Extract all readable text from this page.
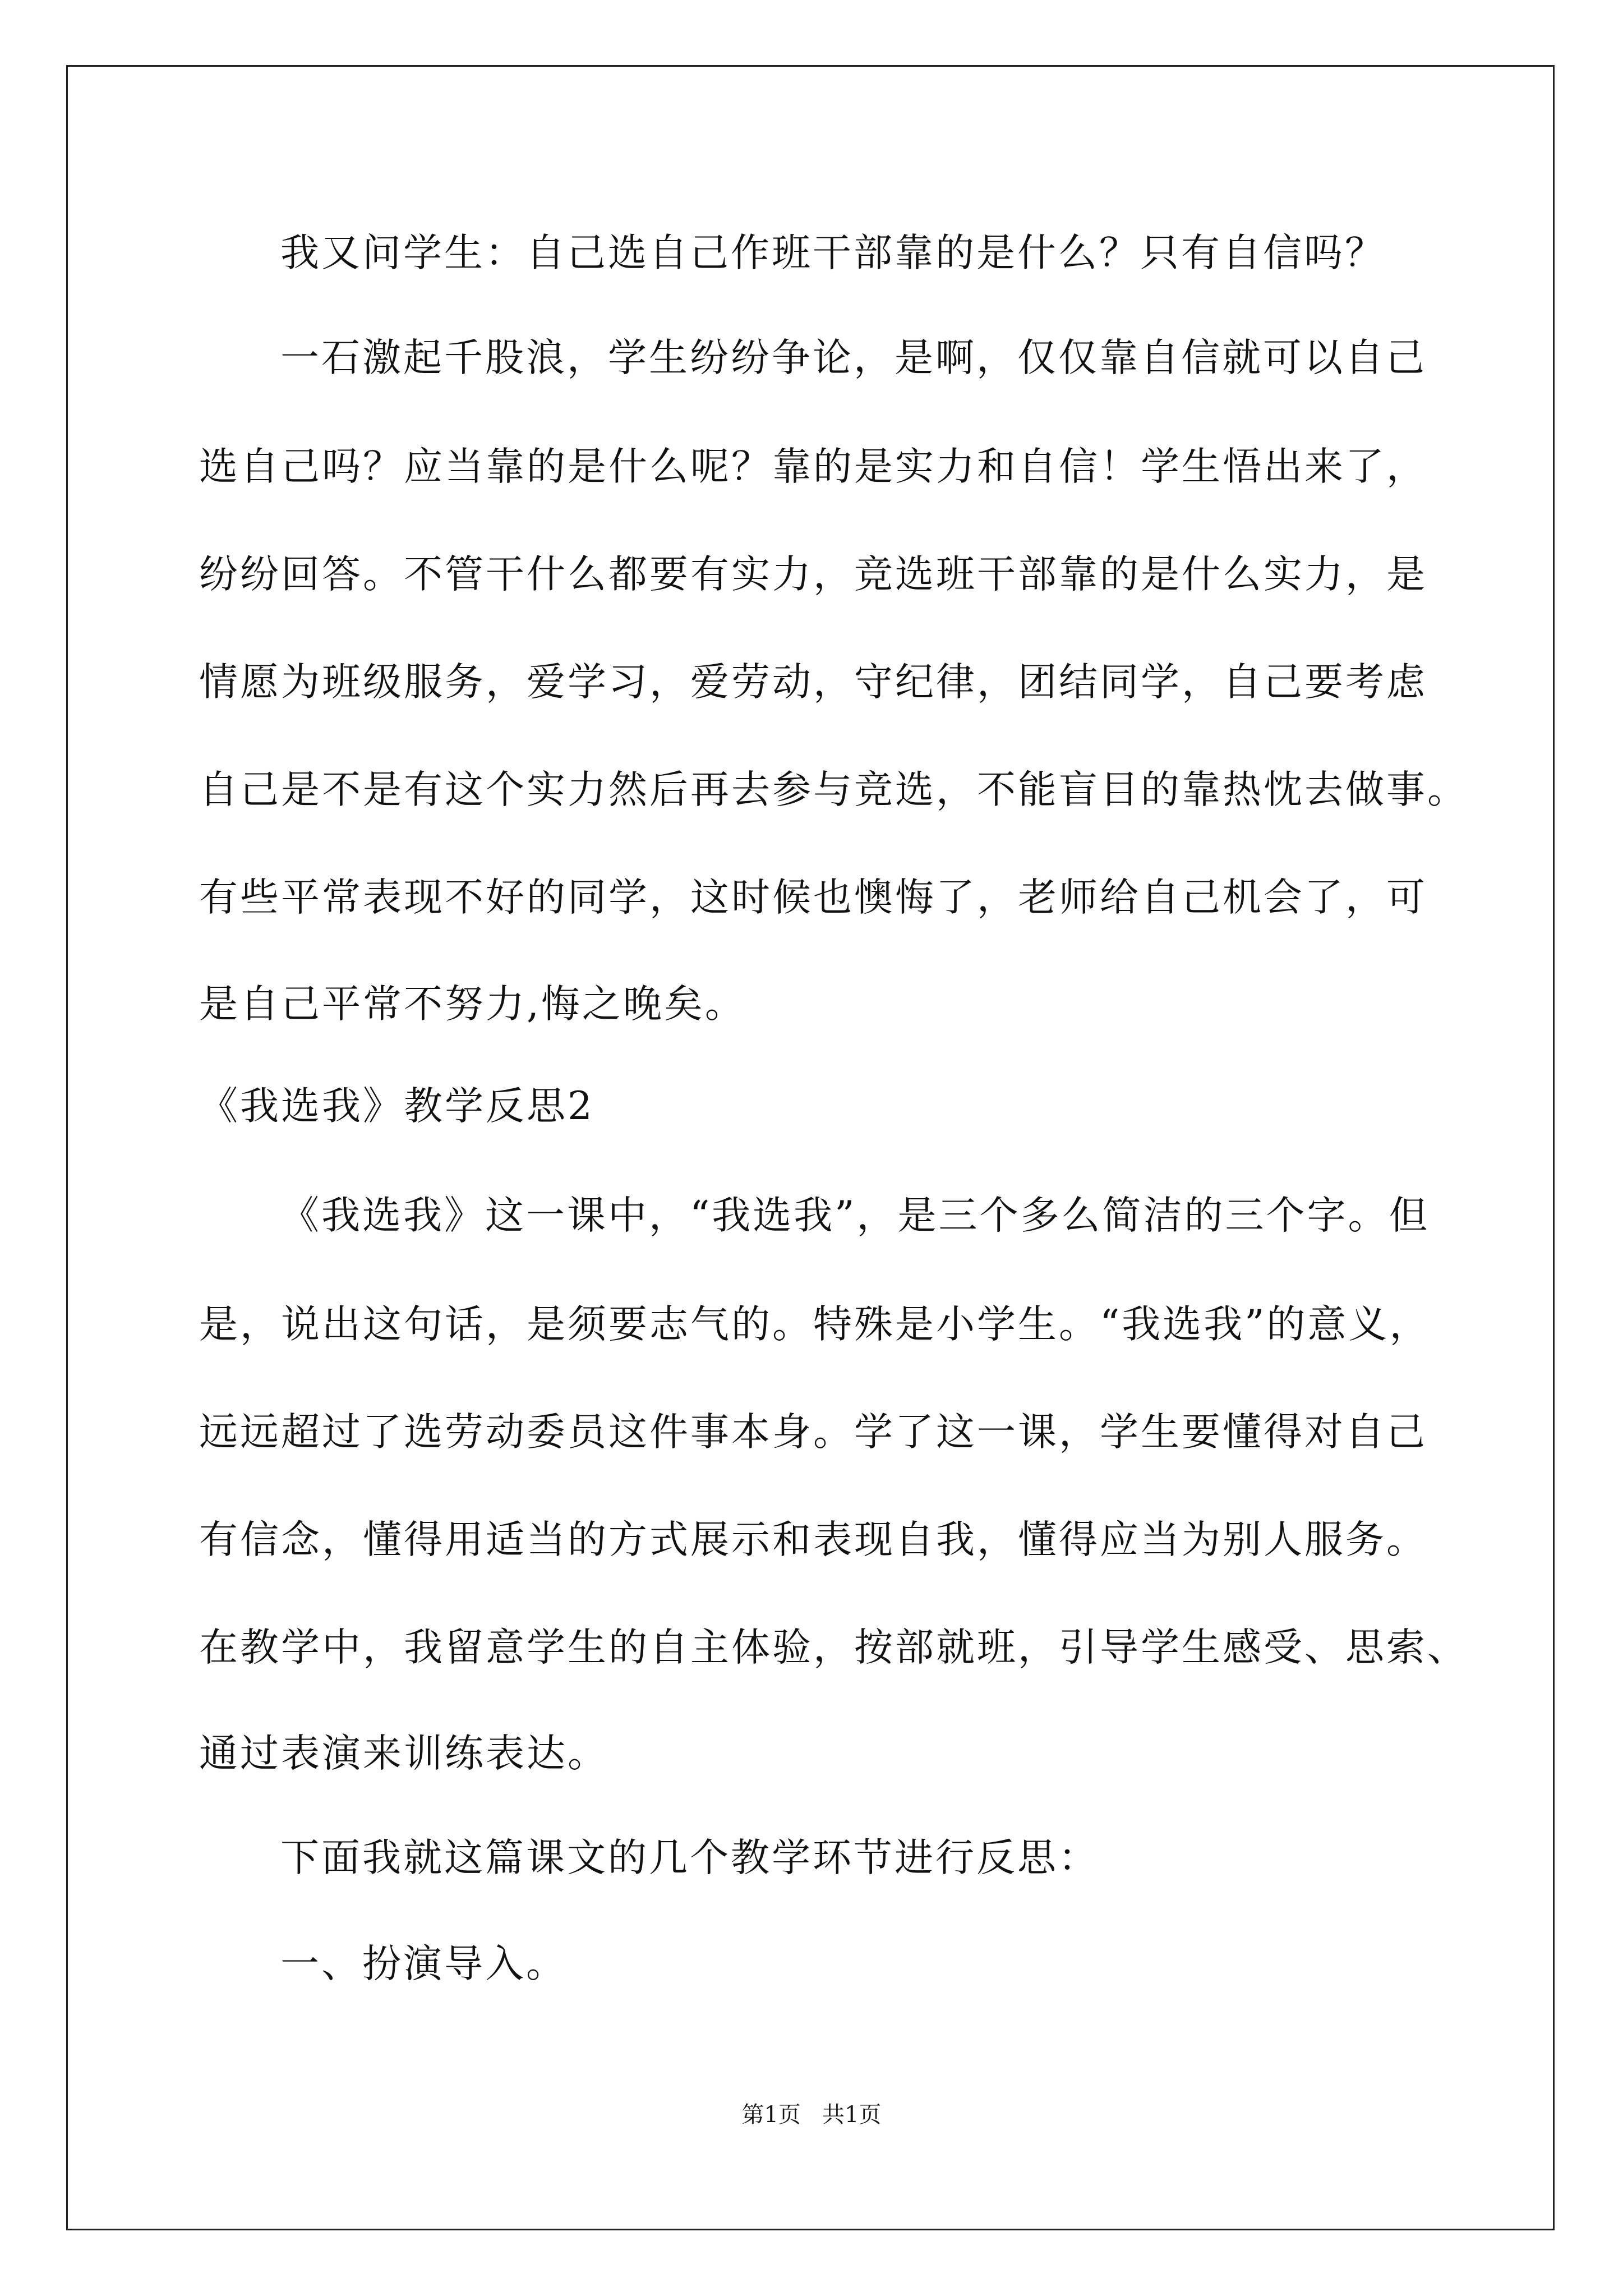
我又问学生：自己选自己作班干部靠的是什么？只有自信吗？
一石激起千股浪，学生纷纷争论，是啊，仅仅靠自信就可以自己
选自己吗？应当靠的是什么呢？靠的是实力和自信！学生悟出来了，
纷纷回答。不管干什么都要有实力，竞选班干部靠的是什么实力，是
情愿为班级服务，爱学习，爱劳动，守纪律，团结同学，自己要考虑
自己是不是有这个实力然后再去参与竞选，不能盲目的靠热忱去做事。
有些平常表现不好的同学，这时候也懊悔了，老师给自己机会了，可
是自己平常不努力,悔之晚矣。
《我选我》教学反思2
《我选我》这一课中，“我选我”，是三个多么简洁的三个字。但
是，说出这句话，是须要志气的。特殊是小学生。“我选我”的意义，
远远超过了选劳动委员这件事本身。学了这一课，学生要懂得对自己
有信念，懂得用适当的方式展示和表现自我，懂得应当为别人服务。
在教学中，我留意学生的自主体验，按部就班，引导学生感受、思索、
通过表演来训练表达。
下面我就这篇课文的几个教学环节进行反思：
一、扮演导入。
第1页   共1页
